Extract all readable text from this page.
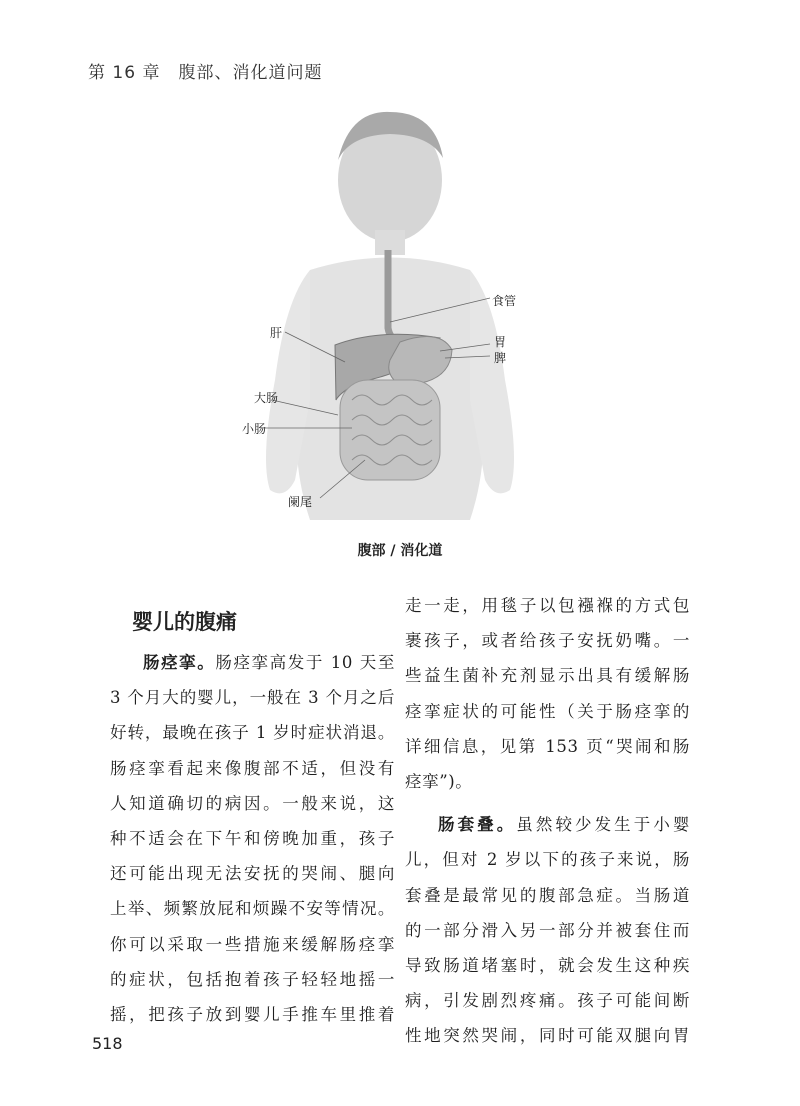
第 16 章 腹部、消化道问题
食管
肝
胃
脾
大肠
小肠
阑尾
腹部 / 消化道
婴儿的腹痛
肠痉挛。肠痉挛高发于 10 天至
3 个月大的婴儿，一般在 3 个月之后
好转，最晚在孩子 1 岁时症状消退。
肠痉挛看起来像腹部不适，但没有
人知道确切的病因。一般来说，这
种不适会在下午和傍晚加重，孩子
还可能出现无法安抚的哭闹、腿向
上举、频繁放屁和烦躁不安等情况。
你可以采取一些措施来缓解肠痉挛
的症状，包括抱着孩子轻轻地摇一
摇，把孩子放到婴儿手推车里推着
走一走，用毯子以包襁褓的方式包
裹孩子，或者给孩子安抚奶嘴。一
些益生菌补充剂显示出具有缓解肠
痉挛症状的可能性（关于肠痉挛的
详细信息，见第 153 页“哭闹和肠
痉挛”)。
肠套叠。虽然较少发生于小婴
儿，但对 2 岁以下的孩子来说，肠
套叠是最常见的腹部急症。当肠道
的一部分滑入另一部分并被套住而
导致肠道堵塞时，就会发生这种疾
病，引发剧烈疼痛。孩子可能间断
性地突然哭闹，同时可能双腿向胃
518
